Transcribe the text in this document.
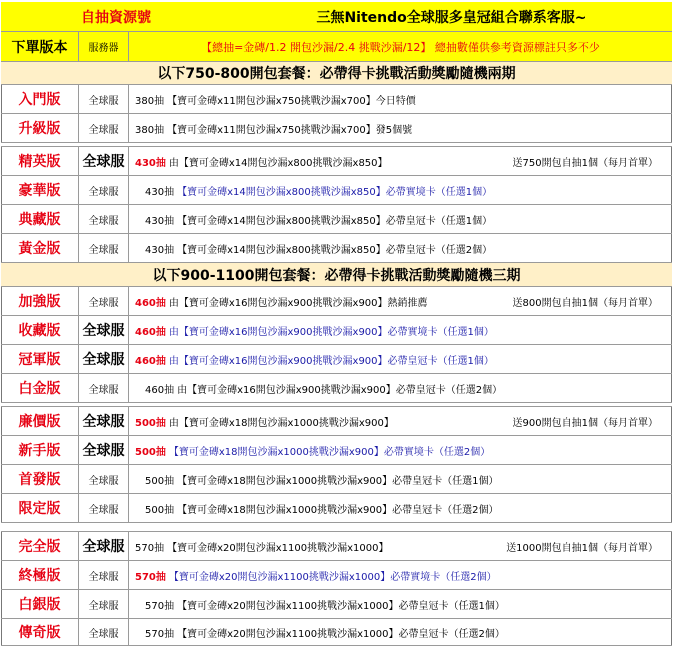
自抽資源號	三無Nitendo全球服多皇冠組合聯系客服~
下單版本	服務器	【總抽=金磚/1.2 開包沙漏/2.4 挑戰沙漏/12】 總抽數僅供參考資源標註只多不少
以下750-800開包套餐：必帶得卡挑戰活動獎勵隨機兩期
以下900-1100開包套餐：必帶得卡挑戰活動獎勵隨機三期
入門版	全球服	380抽 【寶可金磚x11開包沙漏x750挑戰沙漏x700】今日特價
升級版	全球服	380抽 【寶可金磚x11開包沙漏x750挑戰沙漏x700】發5個號
精英版	全球服	430抽 由【寶可金磚x14開包沙漏x800挑戰沙漏x850】	送750開包自抽1個（每月首單）
豪華版	全球服	430抽 【寶可金磚x14開包沙漏x800挑戰沙漏x850】必帶實境卡（任選1個）
典藏版	全球服	430抽 【寶可金磚x14開包沙漏x800挑戰沙漏x850】必帶皇冠卡（任選1個）
黃金版	全球服	430抽 【寶可金磚x14開包沙漏x800挑戰沙漏x850】必帶皇冠卡（任選2個）
加強版	全球服	460抽 由【寶可金磚x16開包沙漏x900挑戰沙漏x900】熱銷推薦	送800開包自抽1個（每月首單）
收藏版	全球服	460抽 由【寶可金磚x16開包沙漏x900挑戰沙漏x900】必帶實境卡（任選1個）
冠軍版	全球服	460抽 由【寶可金磚x16開包沙漏x900挑戰沙漏x900】必帶皇冠卡（任選1個）
白金版	全球服	460抽 由【寶可金磚x16開包沙漏x900挑戰沙漏x900】必帶皇冠卡（任選2個）
廉價版	全球服	500抽 由【寶可金磚x18開包沙漏x1000挑戰沙漏x900】	送900開包自抽1個（每月首單）
新手版	全球服	500抽 【寶可金磚x18開包沙漏x1000挑戰沙漏x900】必帶實境卡（任選2個）
首發版	全球服	500抽 【寶可金磚x18開包沙漏x1000挑戰沙漏x900】必帶皇冠卡（任選1個）
限定版	全球服	500抽 【寶可金磚x18開包沙漏x1000挑戰沙漏x900】必帶皇冠卡（任選2個）
完全版	全球服	570抽 【寶可金磚x20開包沙漏x1100挑戰沙漏x1000】	送1000開包自抽1個（每月首單）
終極版	全球服	570抽 【寶可金磚x20開包沙漏x1100挑戰沙漏x1000】必帶實境卡（任選2個）
白銀版	全球服	570抽 【寶可金磚x20開包沙漏x1100挑戰沙漏x1000】必帶皇冠卡（任選1個）
傳奇版	全球服	570抽 【寶可金磚x20開包沙漏x1100挑戰沙漏x1000】必帶皇冠卡（任選2個）
